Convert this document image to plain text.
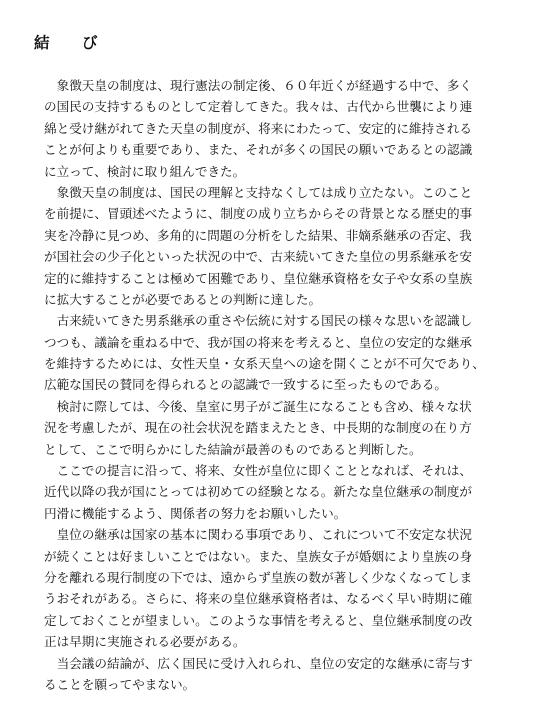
結　び
　象徴天皇の制度は、現行憲法の制定後、６０年近くが経過する中で、多く
の国民の支持するものとして定着してきた。我々は、古代から世襲により連
綿と受け継がれてきた天皇の制度が、将来にわたって、安定的に維持される
ことが何よりも重要であり、また、それが多くの国民の願いであるとの認識
に立って、検討に取り組んできた。
　象徴天皇の制度は、国民の理解と支持なくしては成り立たない。このこと
を前提に、冒頭述べたように、制度の成り立ちからその背景となる歴史的事
実を冷静に見つめ、多角的に問題の分析をした結果、非嫡系継承の否定、我
が国社会の少子化といった状況の中で、古来続いてきた皇位の男系継承を安
定的に維持することは極めて困難であり、皇位継承資格を女子や女系の皇族
に拡大することが必要であるとの判断に達した。
　古来続いてきた男系継承の重さや伝統に対する国民の様々な思いを認識し
つつも、議論を重ねる中で、我が国の将来を考えると、皇位の安定的な継承
を維持するためには、女性天皇・女系天皇への途を開くことが不可欠であり、
広範な国民の賛同を得られるとの認識で一致するに至ったものである。
　検討に際しては、今後、皇室に男子がご誕生になることも含め、様々な状
況を考慮したが、現在の社会状況を踏まえたとき、中長期的な制度の在り方
として、ここで明らかにした結論が最善のものであると判断した。
　ここでの提言に沿って、将来、女性が皇位に即くこととなれば、それは、
近代以降の我が国にとっては初めての経験となる。新たな皇位継承の制度が
円滑に機能するよう、関係者の努力をお願いしたい。
　皇位の継承は国家の基本に関わる事項であり、これについて不安定な状況
が続くことは好ましいことではない。また、皇族女子が婚姻により皇族の身
分を離れる現行制度の下では、遠からず皇族の数が著しく少なくなってしま
うおそれがある。さらに、将来の皇位継承資格者は、なるべく早い時期に確
定しておくことが望ましい。このような事情を考えると、皇位継承制度の改
正は早期に実施される必要がある。
　当会議の結論が、広く国民に受け入れられ、皇位の安定的な継承に寄与す
ることを願ってやまない。
